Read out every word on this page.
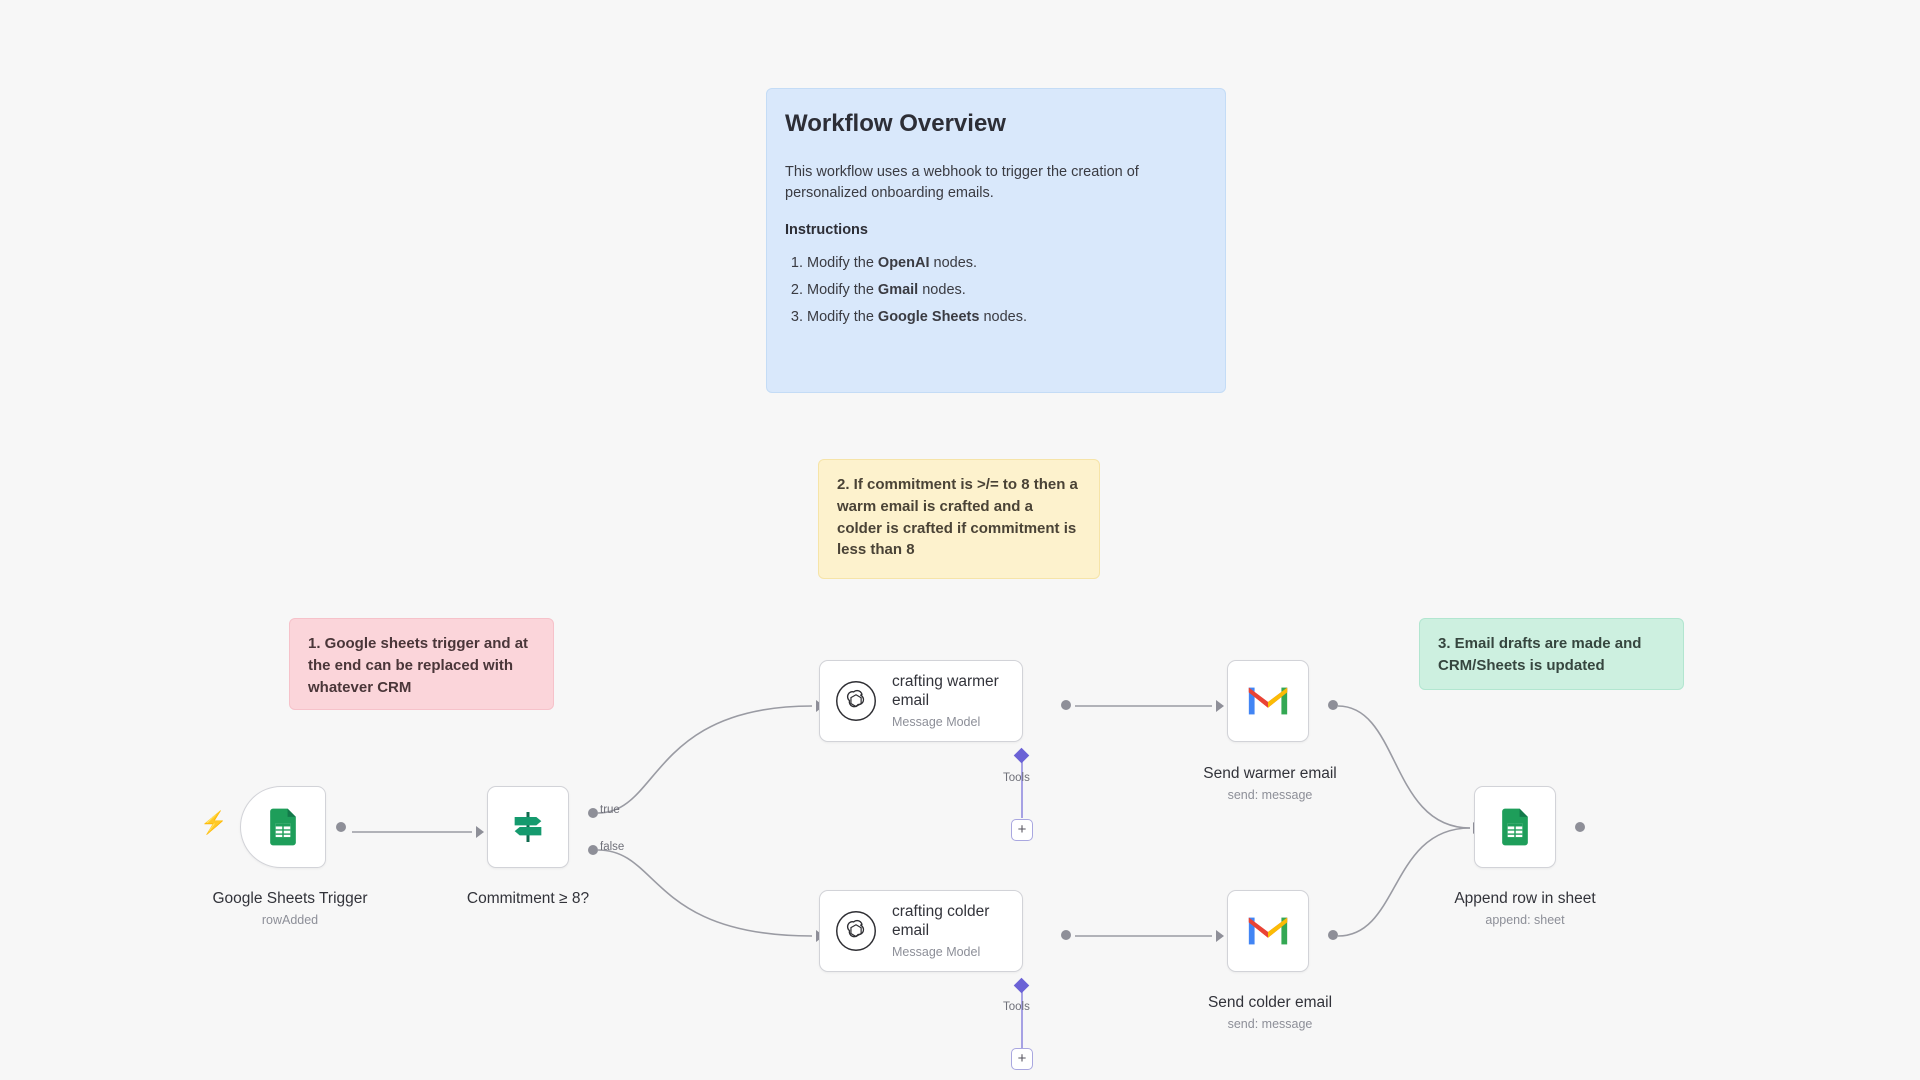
Workflow Overview

This workflow uses a webhook to trigger the creation of personalized onboarding emails.

Instructions
1. Modify the OpenAI nodes.
2. Modify the Gmail nodes.
3. Modify the Google Sheets nodes.
2. If commitment is >/= to 8 then a warm email is crafted and a colder is crafted if commitment is less than 8
1. Google sheets trigger and at the end can be replaced with whatever CRM
3. Email drafts are made and CRM/Sheets is updated
⚡
Google Sheets Trigger
rowAdded
true
false
Commitment ≥ 8?
crafting warmer email
Message Model
Tools
+
crafting colder email
Message Model
Tools
+
Send warmer email
send: message
Send colder email
send: message
Append row in sheet
append: sheet
